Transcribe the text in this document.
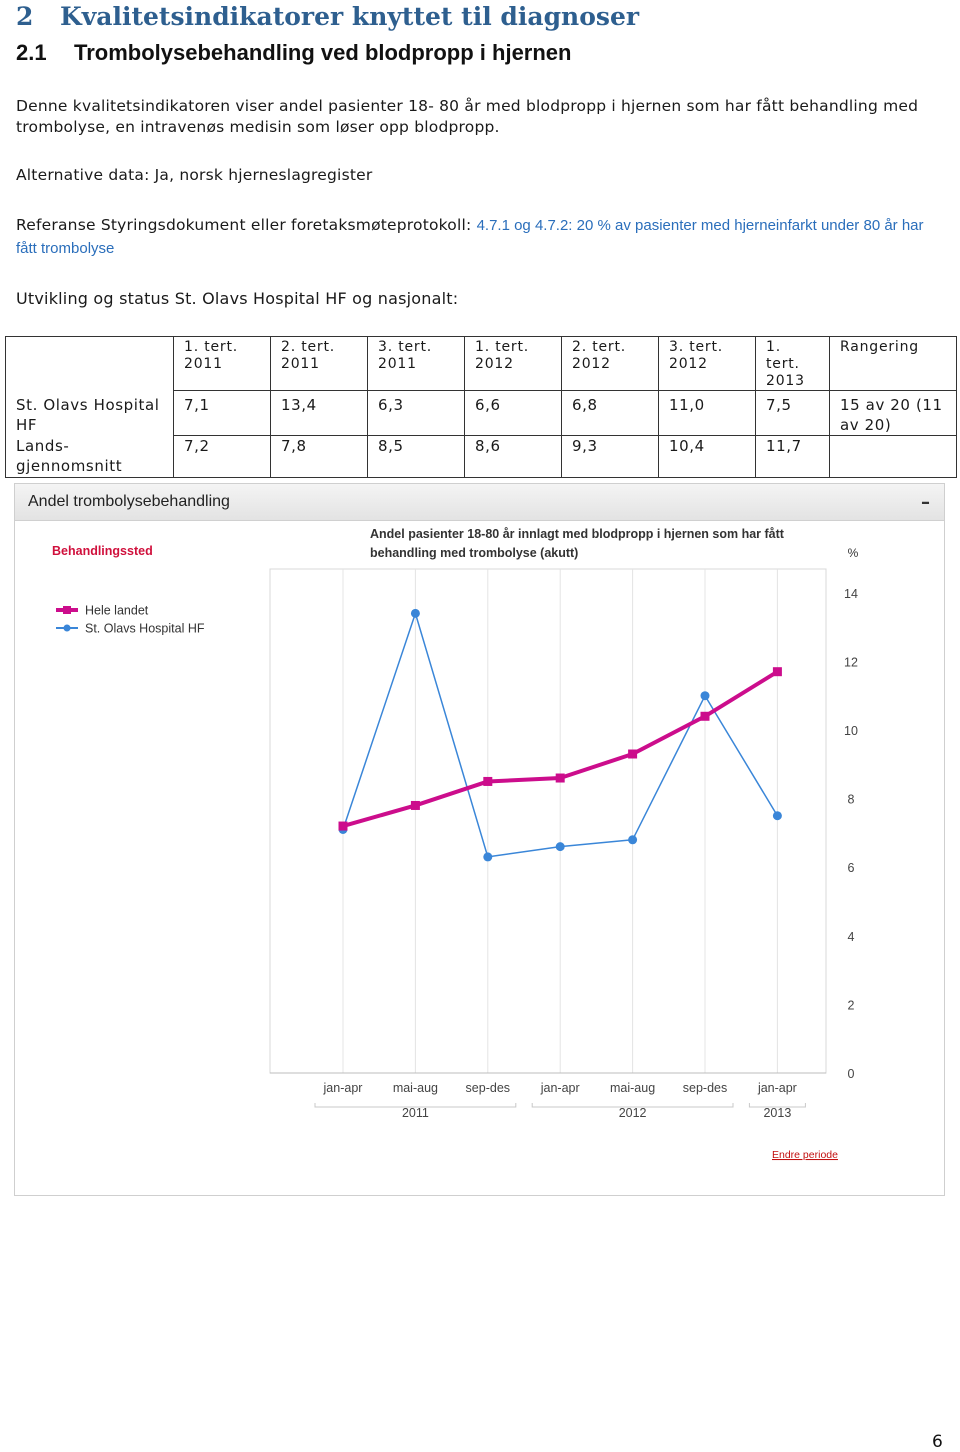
2 Kvalitetsindikatorer knyttet til diagnoser
2.1 Trombolysebehandling ved blodpropp i hjernen
Denne kvalitetsindikatoren viser andel pasienter 18- 80 år med blodpropp i hjernen som har fått behandling med trombolyse, en intravenøs medisin som løser opp blodpropp.
Alternative data: Ja, norsk hjerneslagregister
Referanse Styringsdokument eller foretaksmøteprotokoll: 4.7.1 og 4.7.2: 20 % av pasienter med hjerneinfarkt under 80 år har fått trombolyse
Utvikling og status St. Olavs Hospital HF og nasjonalt:
	1. tert. 2011	2. tert. 2011	3. tert. 2011	1. tert. 2012	2. tert. 2012	3. tert. 2012	1. tert. 2013	Rangering
St. Olavs Hospital HF	7,1	13,4	6,3	6,6	6,8	11,0	7,5	15 av 20 (11 av 20)
Lands-gjennomsnitt	7,2	7,8	8,5	8,6	9,3	10,4	11,7	
Andel trombolysebehandling	–
0
2
4
6
8
10
12
14
%
Andel pasienter 18-80 år innlagt med blodpropp i hjernen som har fått
behandling med trombolyse (akutt)
Behandlingssted
Hele landet
St. Olavs Hospital HF
jan-apr mai-aug sep-des jan-apr mai-aug sep-des jan-apr
2011	2012	2013
Endre periode
6
